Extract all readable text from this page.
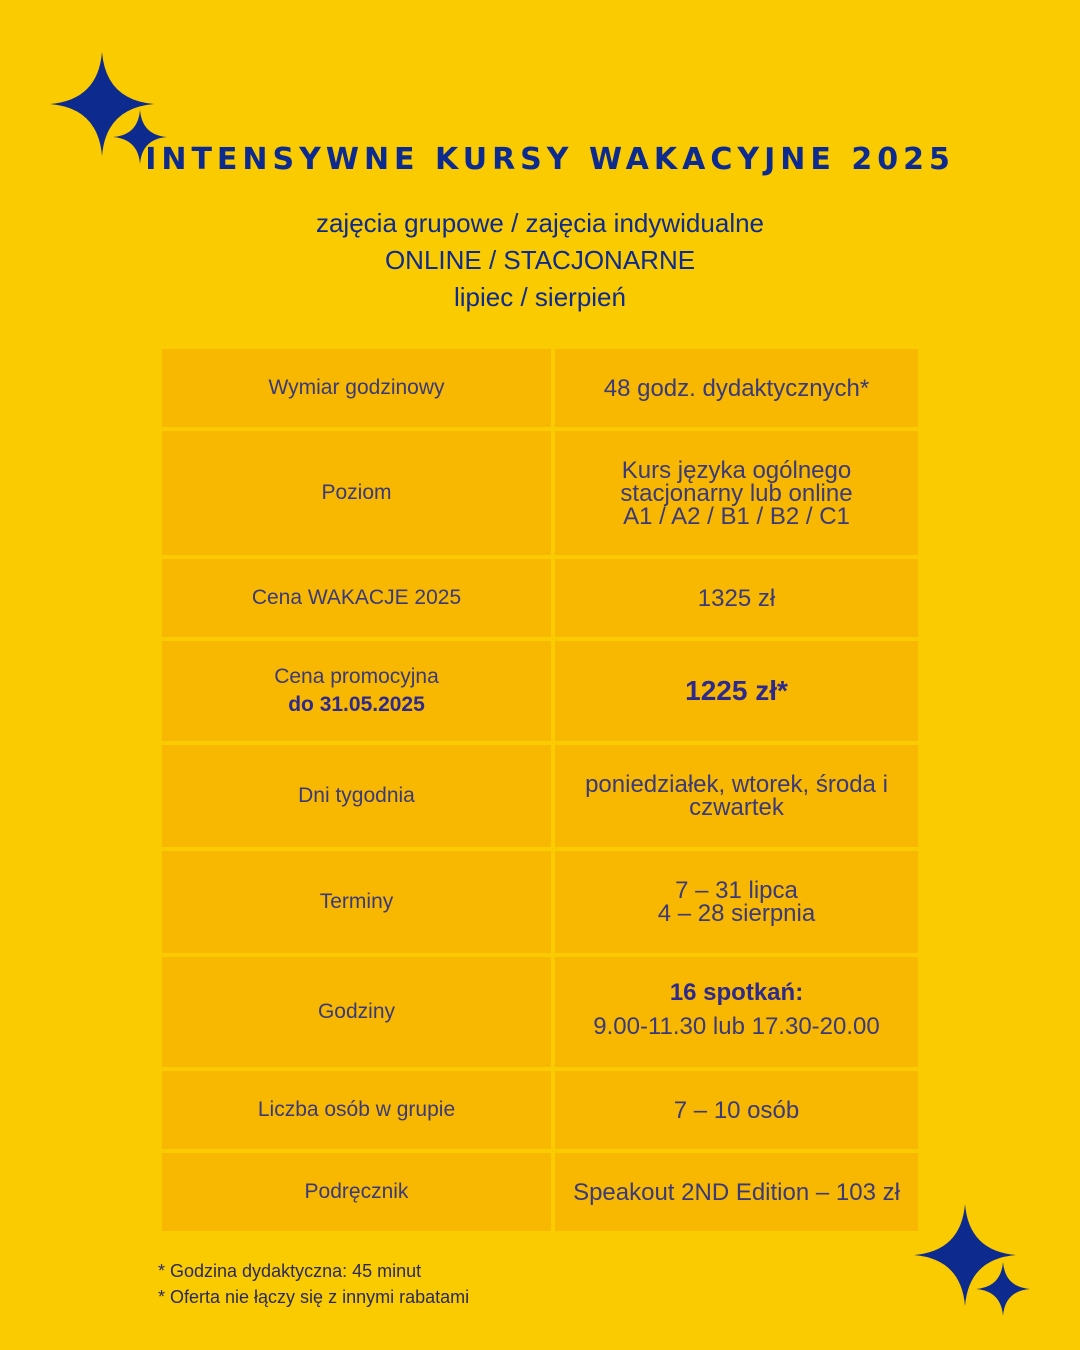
INTENSYWNE KURSY WAKACYJNE 2025
zajęcia grupowe / zajęcia indywidualne
ONLINE / STACJONARNE
lipiec / sierpień
Wymiar godzinowy	48 godz. dydaktycznych*
Poziom	Kurs języka ogólnego
stacjonarny lub online
A1 / A2 / B1 / B2 / C1

Cena WAKACJE 2025	1325 zł

Cena promocyjna
do 31.05.2025	1225 zł*
Dni tygodnia	poniedziałek, wtorek, środa i
czwartek

Terminy	7 – 31 lipca
4 – 28 sierpnia

Godziny	16 spotkań:
9.00-11.30 lub 17.30-20.00

Liczba osób w grupie	7 – 10 osób
Podręcznik	Speakout 2ND Edition – 103 zł
* Godzina dydaktyczna: 45 minut
* Oferta nie łączy się z innymi rabatami
